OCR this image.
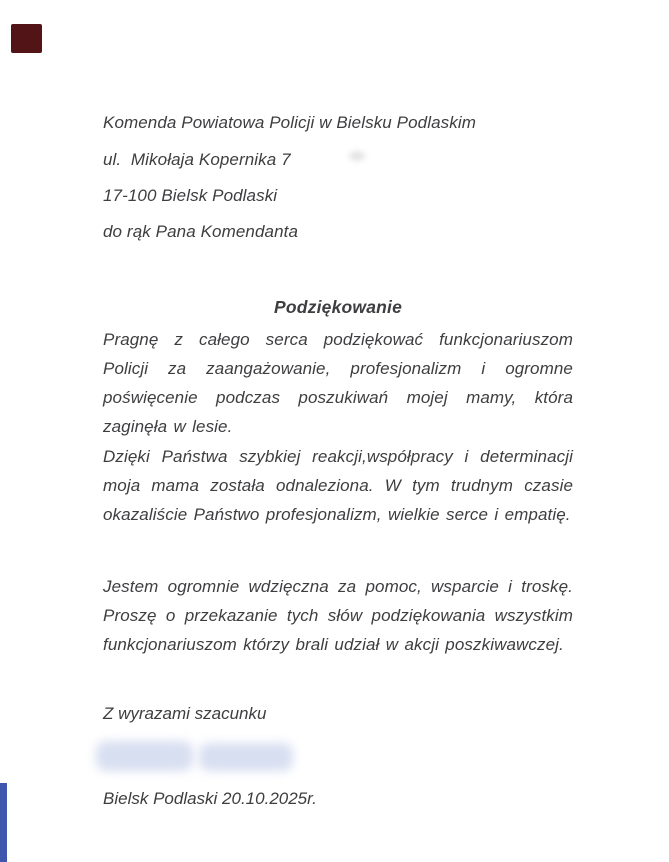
Komenda Powiatowa Policji w Bielsku Podlaskim
ul.  Mikołaja Kopernika 7
17-100 Bielsk Podlaski
do rąk Pana Komendanta
Podziękowanie

Pragnę z całego serca podziękować funkcjonariuszom Policji za zaangażowanie, profesjonalizm i ogromne poświęcenie podczas poszukiwań mojej mamy, która zaginęła w lesie.

Dzięki Państwa szybkiej reakcji,współpracy i determinacji moja mama została odnaleziona. W tym trudnym czasie okazaliście Państwo profesjonalizm, wielkie serce i empatię.

Jestem ogromnie wdzięczna za pomoc, wsparcie i troskę. Proszę o przekazanie tych słów podziękowania wszystkim funkcjonariuszom którzy brali udział w akcji poszkiwawczej.

Z wyrazami szacunku
Bielsk Podlaski 20.10.2025r.
